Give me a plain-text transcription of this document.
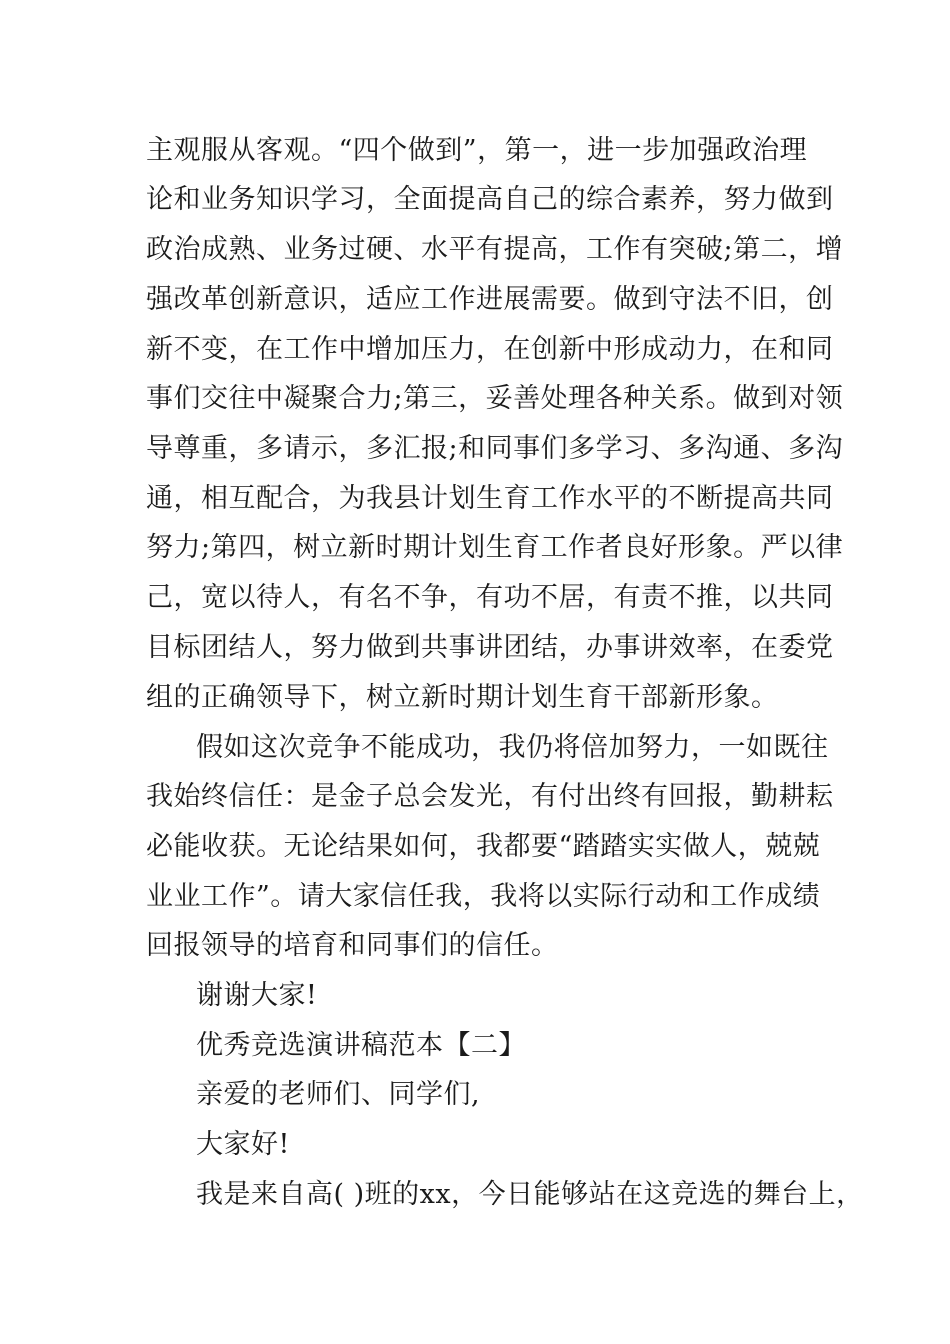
主观服从客观。“四个做到”，第一，进一步加强政治理
论和业务知识学习，全面提高自己的综合素养，努力做到
政治成熟、业务过硬、水平有提高，工作有突破;第二，增
强改革创新意识，适应工作进展需要。做到守法不旧，创
新不变，在工作中增加压力，在创新中形成动力，在和同
事们交往中凝聚合力;第三，妥善处理各种关系。做到对领
导尊重，多请示，多汇报;和同事们多学习、多沟通、多沟
通，相互配合，为我县计划生育工作水平的不断提高共同
努力;第四，树立新时期计划生育工作者良好形象。严以律
己，宽以待人，有名不争，有功不居，有责不推，以共同
目标团结人，努力做到共事讲团结，办事讲效率，在委党
组的正确领导下，树立新时期计划生育干部新形象。
假如这次竞争不能成功，我仍将倍加努力，一如既往
我始终信任：是金子总会发光，有付出终有回报，勤耕耘
必能收获。无论结果如何，我都要“踏踏实实做人，兢兢
业业工作”。请大家信任我，我将以实际行动和工作成绩
回报领导的培育和同事们的信任。
谢谢大家!
优秀竞选演讲稿范本【二】
亲爱的老师们、同学们,
大家好!
我是来自高( )班的xx，今日能够站在这竞选的舞台上，
